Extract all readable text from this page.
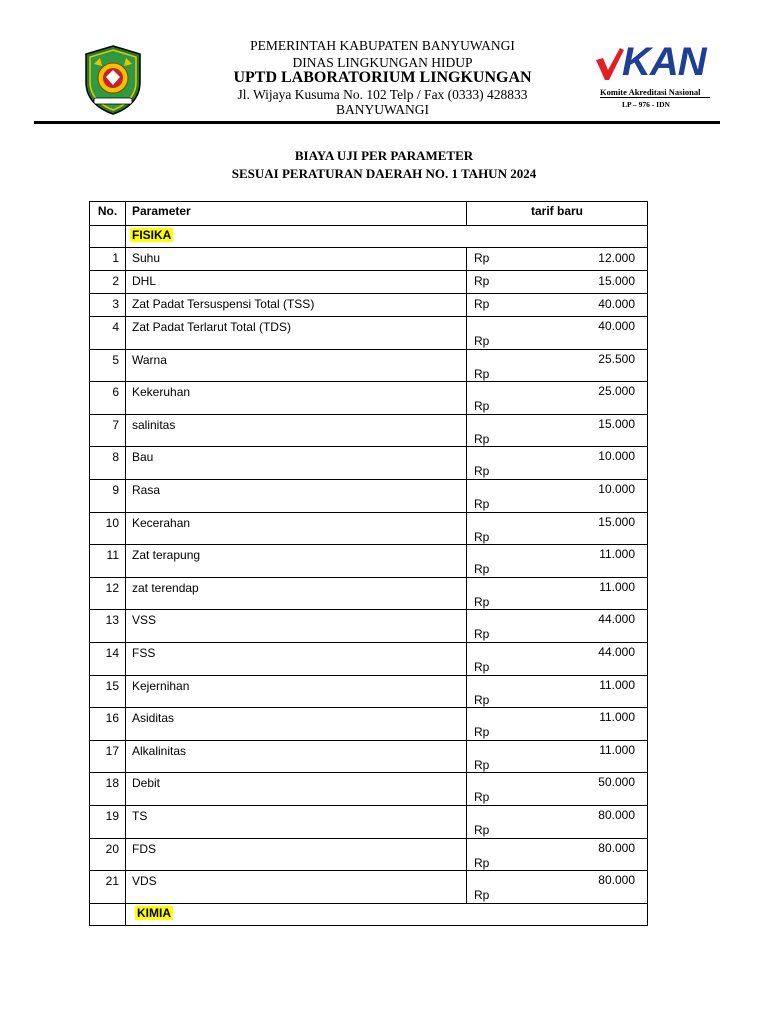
PEMERINTAH KABUPATEN BANYUWANGI
DINAS LINGKUNGAN HIDUP
UPTD LABORATORIUM LINGKUNGAN
Jl. Wijaya Kusuma No. 102 Telp / Fax (0333) 428833
BANYUWANGI
KAN
Komite Akreditasi Nasional
LP – 976 - IDN
BIAYA UJI PER PARAMETER
SESUAI PERATURAN DAERAH NO. 1 TAHUN 2024
No.	Parameter	tarif baru
	FISIKA	
1	Suhu	Rp 12.000

2	DHL	Rp 15.000

3	Zat Padat Tersuspensi Total (TSS)	Rp 40.000

4	Zat Padat Terlarut Total (TDS)	Rp
40.000

5	Warna	Rp
25.500

6	Kekeruhan	Rp
25.000

7	salinitas	Rp
15.000

8	Bau	Rp
10.000

9	Rasa	Rp
10.000

10	Kecerahan	Rp
15.000

11	Zat terapung	Rp
11.000

12	zat terendap	Rp
11.000

13	VSS	Rp
44.000

14	FSS	Rp
44.000

15	Kejernihan	Rp
11.000

16	Asiditas	Rp
11.000

17	Alkalinitas	Rp
11.000

18	Debit	Rp
50.000

19	TS	Rp
80.000

20	FDS	Rp
80.000

21	VDS	Rp
80.000

	KIMIA	
